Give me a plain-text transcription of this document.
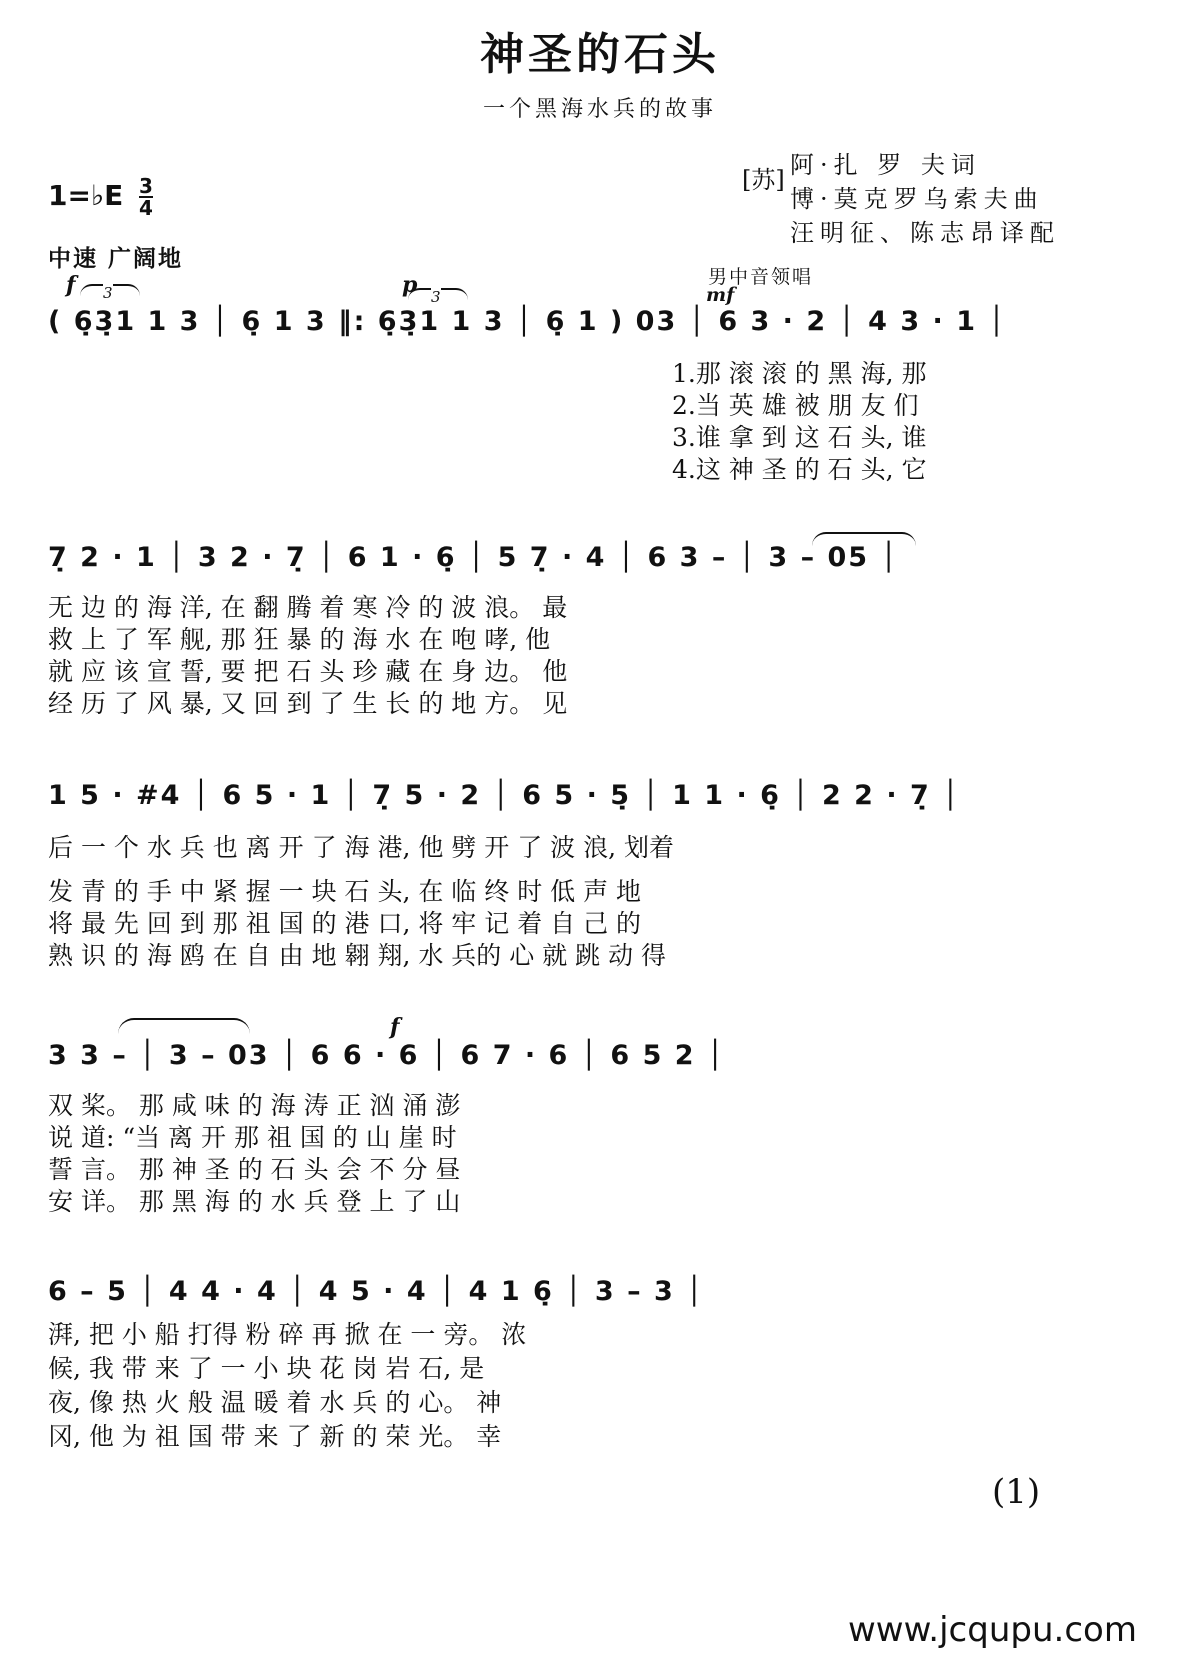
神圣的石头
一个黑海水兵的故事
[苏]
阿·扎 罗 夫词
博·莫克罗乌索夫曲
汪明征、陈志昂译配
1=♭E $\frac{3}{4}$
中速 广阔地
男中音领唱
f 3	p 3	mf
( 6̣3̣1 1 3 │ 6̣ 1 3 ‖: 6̣3̣1 1 3 │ 6̣ 1 ) 03 │ 6 3 · 2 │ 4 3 · 1 │
1.那 滚 滚 的 黑 海, 那
2.当 英 雄 被 朋 友 们
3.谁 拿 到 这 石 头, 谁
4.这 神 圣 的 石 头, 它
7̣ 2 · 1 │ 3 2 · 7̣ │ 6 1 · 6̣ │ 5 7̣ · 4 │ 6 3 – │ 3 – 05 │
无 边 的 海 洋, 在 翻 腾 着 寒 冷 的 波 浪。 最
救 上 了 军 舰, 那 狂 暴 的 海 水 在 咆 哮, 他
就 应 该 宣 誓, 要 把 石 头 珍 藏 在 身 边。 他
经 历 了 风 暴, 又 回 到 了 生 长 的 地 方。 见
1 5 · #4 │ 6 5 · 1 │ 7̣ 5 · 2 │ 6 5 · 5̣ │ 1 1 · 6̣ │ 2 2 · 7̣ │
后 一 个 水 兵 也 离 开 了 海 港, 他 劈 开 了 波 浪, 划着
发 青 的 手 中 紧 握 一 块 石 头, 在 临 终 时 低 声 地
将 最 先 回 到 那 祖 国 的 港 口, 将 牢 记 着 自 己 的
熟 识 的 海 鸥 在 自 由 地 翱 翔, 水 兵的 心 就 跳 动 得
f
3 3 – │ 3 – 03 │ 6 6 · 6 │ 6 7 · 6 │ 6 5 2 │
双 桨。 那 咸 味 的 海 涛 正 汹 涌 澎
说 道: “当 离 开 那 祖 国 的 山 崖 时
誓 言。 那 神 圣 的 石 头 会 不 分 昼
安 详。 那 黑 海 的 水 兵 登 上 了 山
6 – 5 │ 4 4 · 4 │ 4 5 · 4 │ 4 1 6̣ │ 3 – 3 │
湃, 把 小 船 打得 粉 碎 再 掀 在 一 旁。 浓
候, 我 带 来 了 一 小 块 花 岗 岩 石, 是
夜, 像 热 火 般 温 暖 着 水 兵 的 心。 神
冈, 他 为 祖 国 带 来 了 新 的 荣 光。 幸
(1)
www.jcqupu.com
